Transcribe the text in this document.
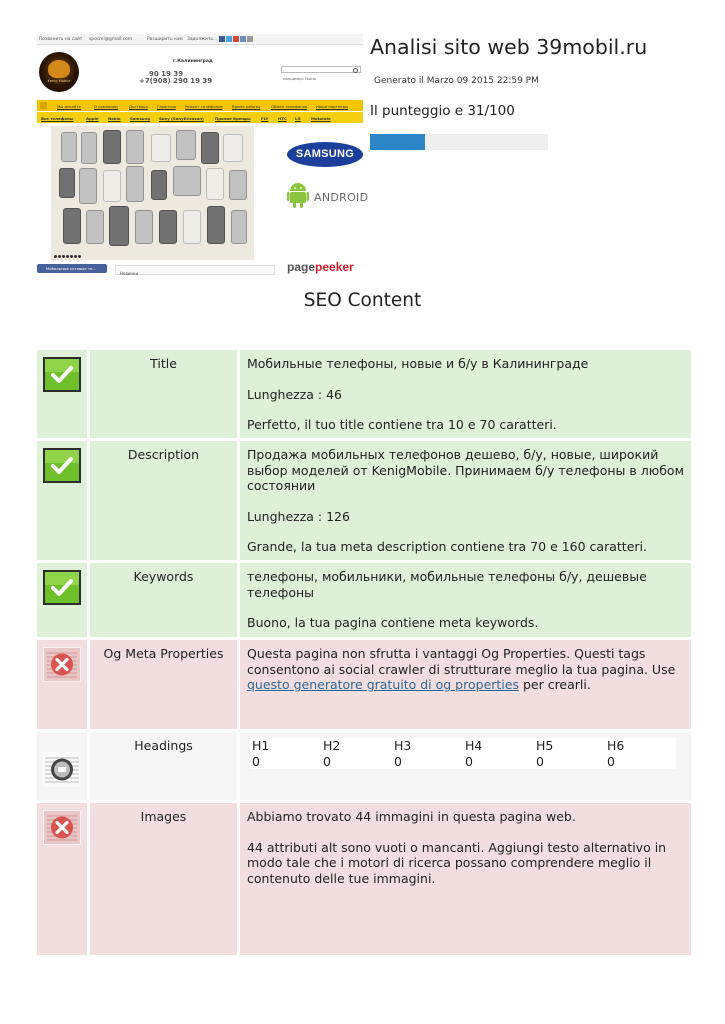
Позвонить на сайт spocmi@gmail.com	Расширить нам Задолжить...
Kenig Mobile
г.Калининград
90 19 39
+7(908) 290 19 39	например: Nokia
Мы инсайте	О компании	Доставка Гарантия Ремонт телефонов Время работы	Обмен телефонов Наши партнеры
Все телефоны	Apple Nokia Samsung Sony (SonyEricsson)	Прочие бренды	FLY HTC LG	Motorola
Мобильные сотовые те...
Новинки
SAMSUNG
ANDROID
pagepeeker
Analisi sito web 39mobil.ru
Generato il Marzo 09 2015 22:59 PM
Il punteggio e 31/100
SEO Content
Title	Мобильные телефоны, новые и б/у в Калининграде

Lunghezza : 46

Perfetto, il tuo title contiene tra 10 e 70 caratteri.

Description	Продажа мобильных телефонов дешево, б/у, новые, широкий выбор моделей от KenigMobile. Принимаем б/у телефоны в любом состоянии

Lunghezza : 126

Grande, la tua meta description contiene tra 70 e 160 caratteri.

Keywords	телефоны, мобильники, мобильные телефоны б/у, дешевые телефоны

Buono, la tua pagina contiene meta keywords.

Og Meta Properties	Questa pagina non sfrutta i vantaggi Og Properties. Questi tags consentono ai social crawler di strutturare meglio la tua pagina. Use questo generatore gratuito di og properties per crearli.

Headings	H1	H2	H3	H4	H5	H6
0	0	0	0	0	0
Images	Abbiamo trovato 44 immagini in questa pagina web.

44 attributi alt sono vuoti o mancanti. Aggiungi testo alternativo in modo tale che i motori di ricerca possano comprendere meglio il contenuto delle tue immagini.
